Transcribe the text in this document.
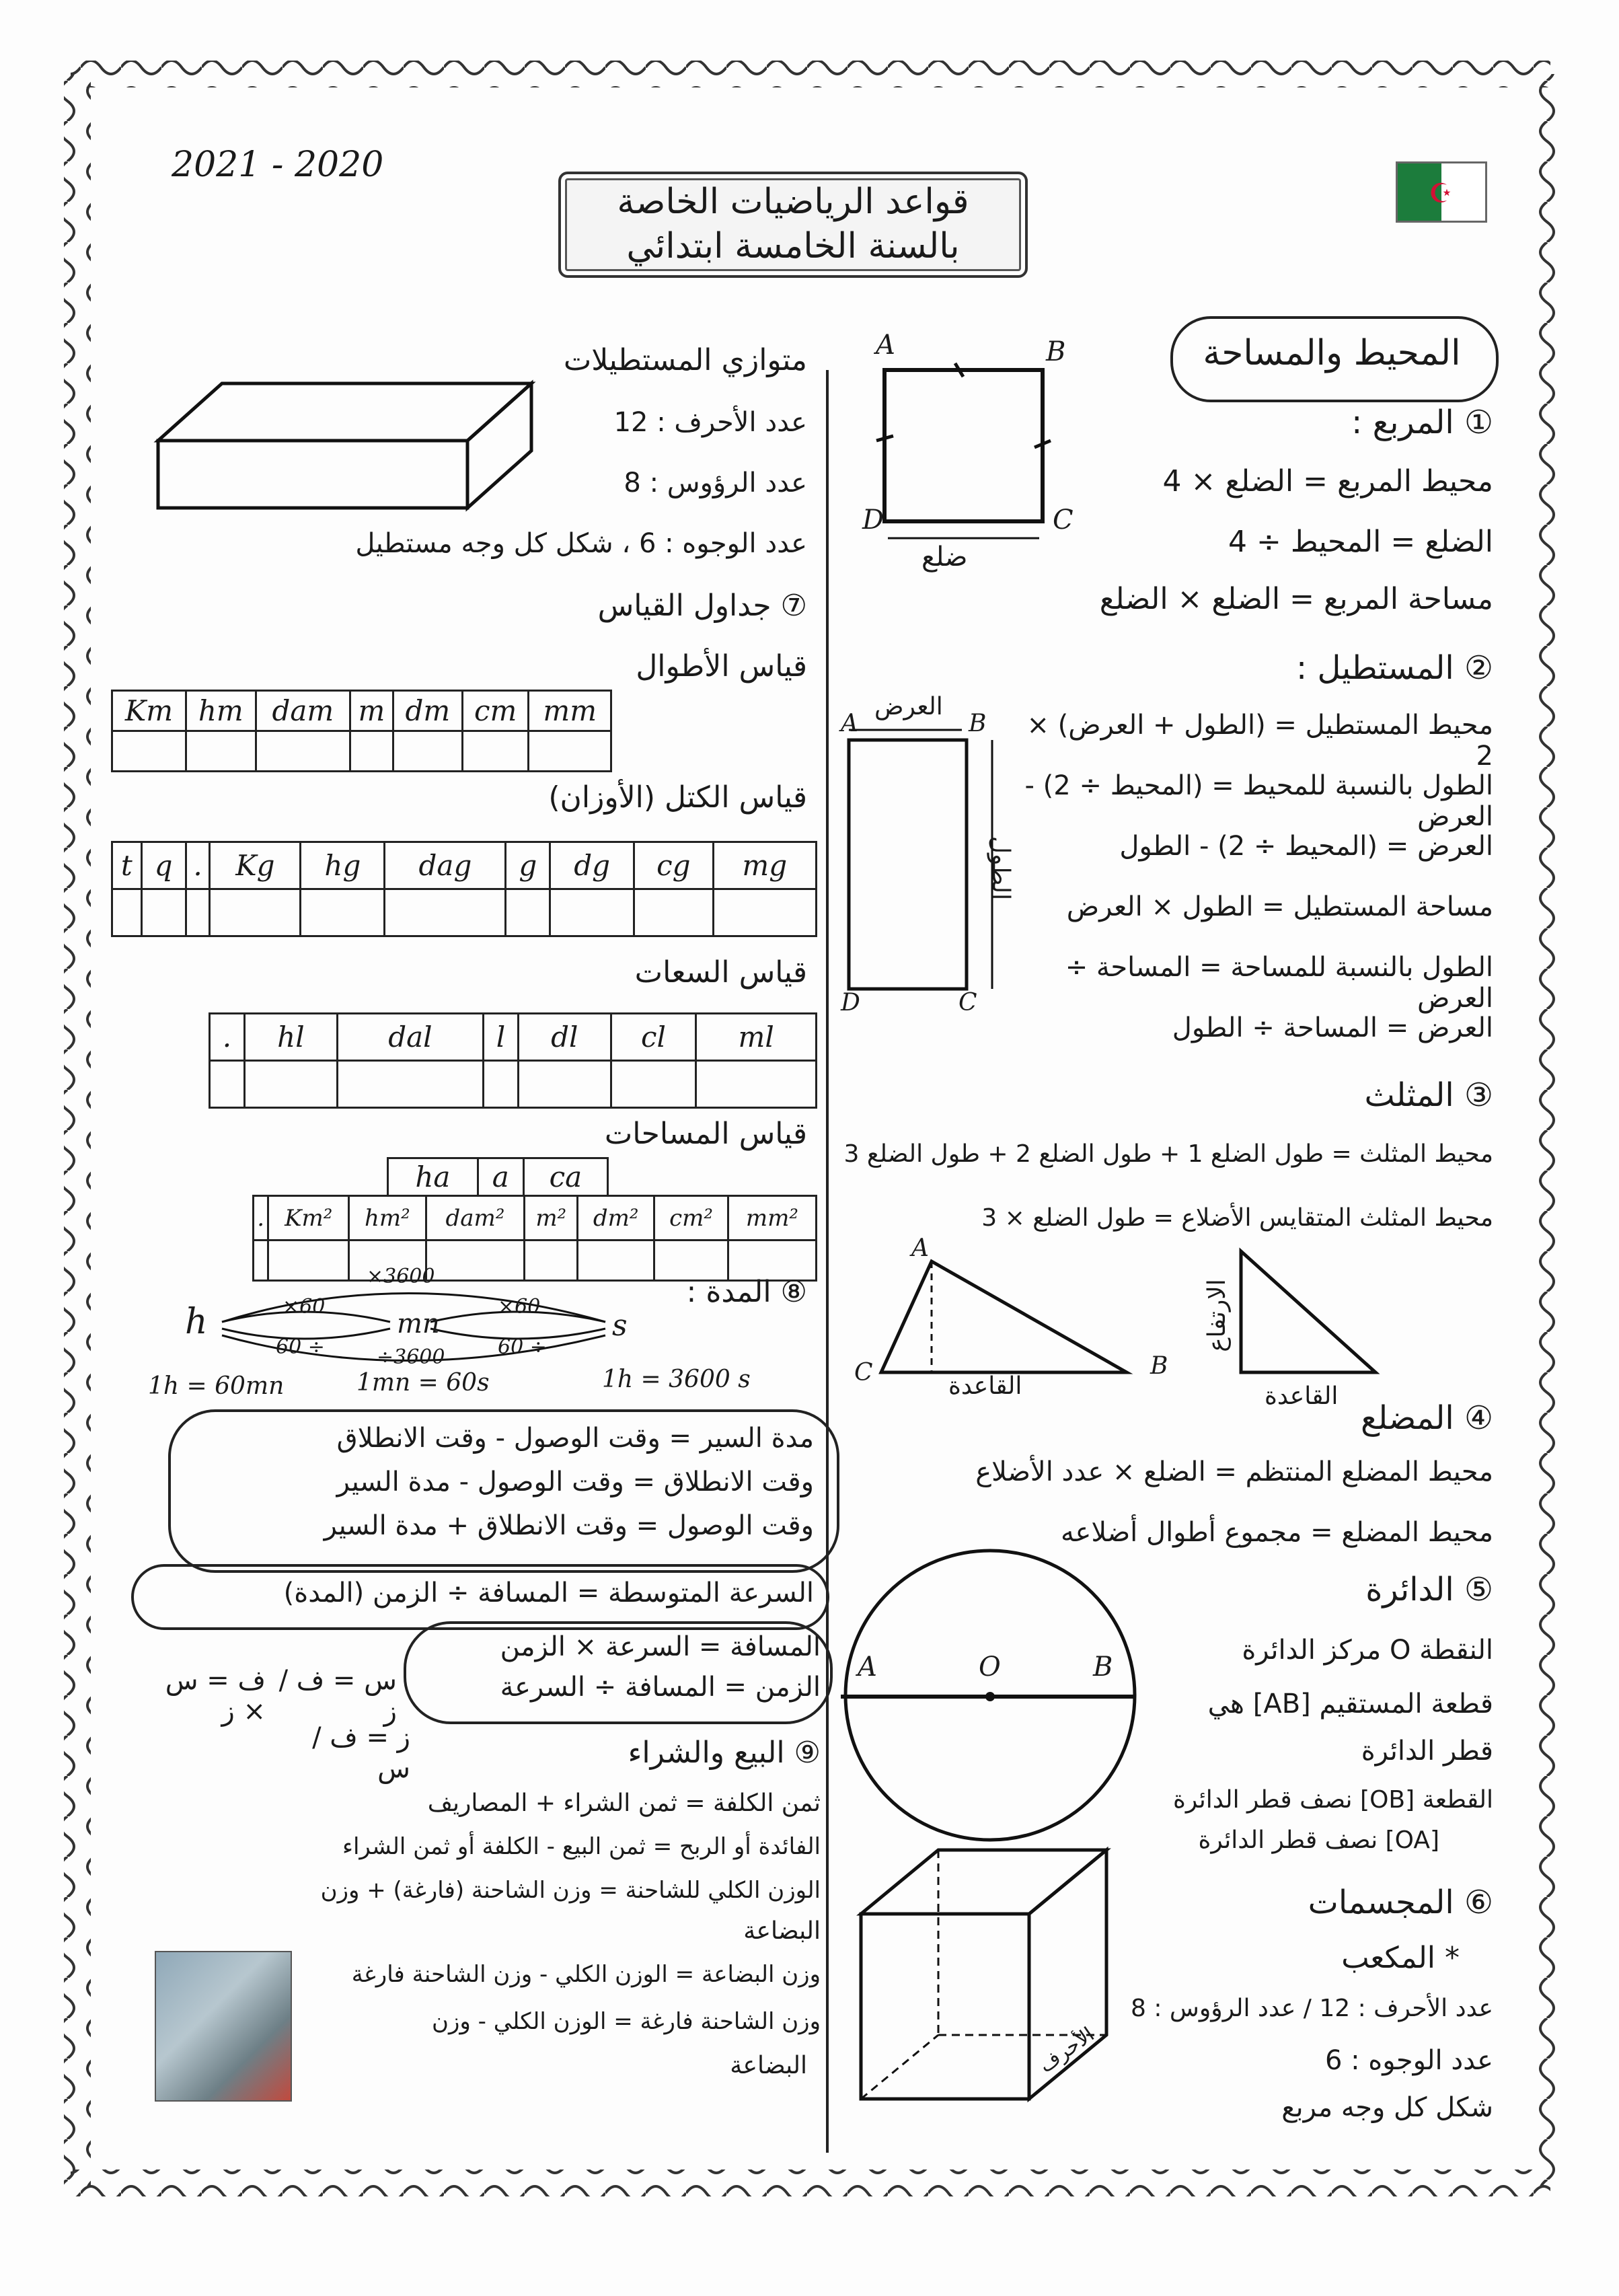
2021 - 2020
قواعد الرياضيات الخاصة
بالسنة الخامسة ابتدائي
☪
المحيط والمساحة
A	B
C
D
ضلع
① المربع :
محيط المربع = الضلع × 4
الضلع = المحيط ÷ 4
مساحة المربع = الضلع × الضلع
② المستطيل :
محيط المستطيل = (الطول + العرض) × 2
الطول بالنسبة للمحيط = (المحيط ÷ 2) - العرض
العرض = (المحيط ÷ 2) - الطول
مساحة المستطيل = الطول × العرض
الطول بالنسبة للمساحة = المساحة ÷ العرض
العرض = المساحة ÷ الطول
A	B
C
D
العرض
الطول
③ المثلث
محيط المثلث = طول الضلع 1 + طول الضلع 2 + طول الضلع 3
محيط المثلث المتقايس الأضلاع = طول الضلع × 3
A
B
C	القاعدة	القاعدة
الارتفاع
④ المضلع
محيط المضلع المنتظم = الضلع × عدد الأضلاع
محيط المضلع = مجموع أطوال أضلاعه
⑤ الدائرة
النقطة O مركز الدائرة
قطعة المستقيم [AB] هي
قطر الدائرة
القطعة [OB] نصف قطر الدائرة
[OA] نصف قطر الدائرة
A	O	B
⑥ المجسمات
* المكعب
عدد الأحرف : 12 / عدد الرؤوس : 8
عدد الوجوه : 6
شكل كل وجه مربع
الأحرف
متوازي المستطيلات
عدد الأحرف : 12
عدد الرؤوس : 8
عدد الوجوه : 6 ، شكل كل وجه مستطيل
⑦ جداول القياس
قياس الأطوال
Km	hm	dam	m	dm	cm	mm

قياس الكتل (الأوزان)
t	q	.	Kg	hg	dag	g	dg	cg	mg

قياس السعات
.	hl	dal	l	dl	cl	ml

قياس المساحات
ha	a	ca
.	Km²	hm²	dam²	m²	dm²	cm²	mm²

⑧ المدة :
h	mn	s
×3600
×60	×60
60 ÷	60 ÷
÷3600
1h = 60mn	1mn = 60s	1h = 3600 s
مدة السير = وقت الوصول - وقت الانطلاق
وقت الانطلاق = وقت الوصول - مدة السير
وقت الوصول = وقت الانطلاق + مدة السير
السرعة المتوسطة = المسافة ÷ الزمن (المدة)
المسافة = السرعة × الزمن
الزمن = المسافة ÷ السرعة
س = ف / ز
ف = س × ز
ز = ف / س	⑨ البيع والشراء
ثمن الكلفة = ثمن الشراء + المصاريف
الفائدة أو الربح = ثمن البيع - الكلفة أو ثمن الشراء
الوزن الكلي للشاحنة = وزن الشاحنة (فارغة) + وزن
البضاعة
وزن البضاعة = الوزن الكلي - وزن الشاحنة فارغة
وزن الشاحنة فارغة = الوزن الكلي - وزن
البضاعة
